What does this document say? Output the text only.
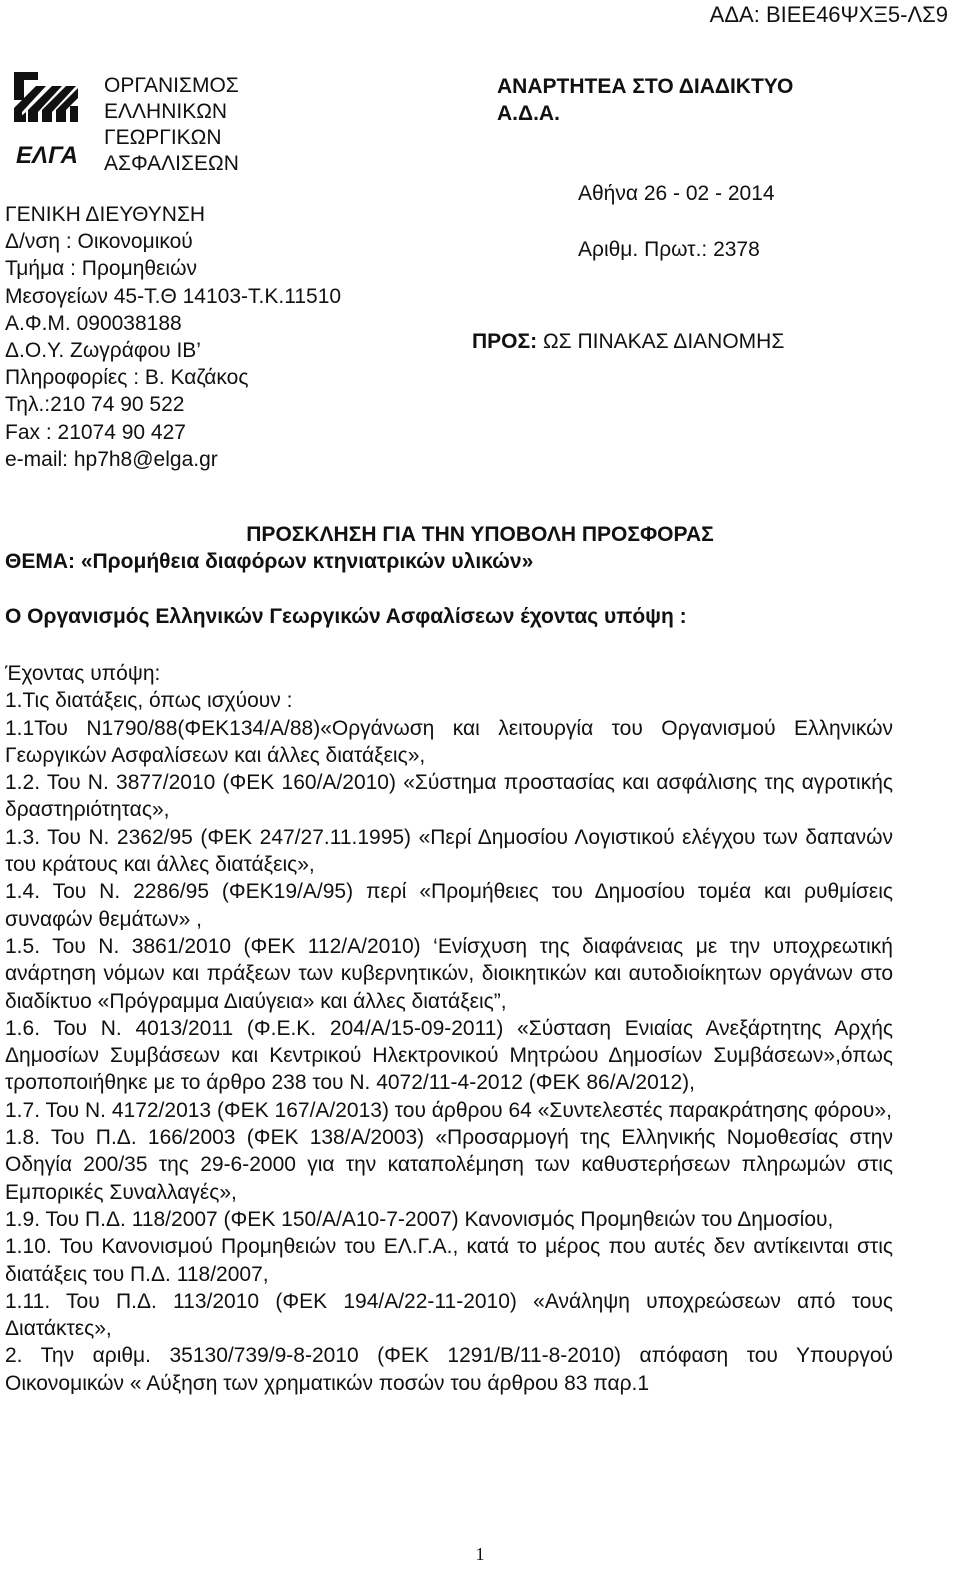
ΑΔΑ: ΒΙΕΕ46ΨΧΞ5-ΛΣ9
ΕΛΓΑ
ΟΡΓΑΝΙΣΜΟΣ
ΕΛΛΗΝΙΚΩΝ
ΓΕΩΡΓΙΚΩΝ
ΑΣΦΑΛΙΣΕΩΝ
ΓΕΝΙΚΗ ΔΙΕΥΘΥΝΣΗ
Δ/νση : Οικονομικού
Τμήμα : Προμηθειών
Μεσογείων 45-Τ.Θ 14103-Τ.Κ.11510
Α.Φ.Μ. 090038188
Δ.Ο.Υ. Ζωγράφου ΙΒ’
Πληροφορίες : Β. Καζάκος
Τηλ.:210 74 90 522
Fax : 21074 90 427
e-mail: hp7h8@elga.gr
ΑΝΑΡΤΗΤΕΑ ΣΤΟ ΔΙΑΔΙΚΤΥΟ
Α.Δ.Α.
Αθήνα 26 - 02 - 2014
Αριθμ. Πρωτ.: 2378
ΠΡΟΣ: ΩΣ ΠΙΝΑΚΑΣ ΔΙΑΝΟΜΗΣ
ΠΡΟΣΚΛΗΣΗ ΓΙΑ ΤΗΝ ΥΠΟΒΟΛΗ ΠΡΟΣΦΟΡΑΣ
ΘΕΜΑ: «Προμήθεια διαφόρων κτηνιατρικών υλικών»
Ο Οργανισμός Ελληνικών Γεωργικών Ασφαλίσεων έχοντας υπόψη :
Έχοντας υπόψη:
1.Τις διατάξεις, όπως ισχύουν :
1.1Του Ν1790/88(ΦΕΚ134/Α/88)«Οργάνωση και λειτουργία του Οργανισμού Ελληνικών Γεωργικών Ασφαλίσεων και άλλες διατάξεις»,
1.2. Του Ν. 3877/2010 (ΦΕΚ 160/Α/2010) «Σύστημα προστασίας και ασφάλισης της αγροτικής δραστηριότητας»,
1.3. Του Ν. 2362/95 (ΦΕΚ 247/27.11.1995) «Περί Δημοσίου Λογιστικού ελέγχου των δαπανών του κράτους και άλλες διατάξεις»,
1.4. Του Ν. 2286/95 (ΦΕΚ19/Α/95) περί «Προμήθειες του Δημοσίου τομέα και ρυθμίσεις συναφών θεμάτων» ,
1.5. Του Ν. 3861/2010 (ΦΕΚ 112/Α/2010) ‘Ενίσχυση της διαφάνειας με την υποχρεωτική ανάρτηση νόμων και πράξεων των κυβερνητικών, διοικητικών και αυτοδιοίκητων οργάνων στο διαδίκτυο «Πρόγραμμα Διαύγεια» και άλλες διατάξεις”,
1.6. Του Ν. 4013/2011 (Φ.Ε.Κ. 204/Α/15-09-2011) «Σύσταση Ενιαίας Ανεξάρτητης Αρχής Δημοσίων Συμβάσεων και Κεντρικού Ηλεκτρονικού Μητρώου Δημοσίων Συμβάσεων»,όπως τροποποιήθηκε με το άρθρο 238 του Ν. 4072/11-4-2012 (ΦΕΚ 86/Α/2012),
1.7. Του Ν. 4172/2013 (ΦΕΚ 167/Α/2013) του άρθρου 64 «Συντελεστές παρακράτησης φόρου»,
1.8. Του Π.Δ. 166/2003 (ΦΕΚ 138/Α/2003) «Προσαρμογή της Ελληνικής Νομοθεσίας στην Οδηγία 200/35 της 29-6-2000 για την καταπολέμηση των καθυστερήσεων πληρωμών στις Εμπορικές Συναλλαγές»,
1.9. Του Π.Δ. 118/2007 (ΦΕΚ 150/Α/Α10-7-2007) Κανονισμός Προμηθειών του Δημοσίου,
1.10. Του Κανονισμού Προμηθειών του ΕΛ.Γ.Α., κατά το μέρος που αυτές δεν αντίκεινται στις διατάξεις του Π.Δ. 118/2007,
1.11. Του Π.Δ. 113/2010 (ΦΕΚ 194/Α/22-11-2010) «Ανάληψη υποχρεώσεων από τους Διατάκτες»,
2. Την αριθμ. 35130/739/9-8-2010 (ΦΕΚ 1291/Β/11-8-2010) απόφαση του Υπουργού Οικονομικών « Αύξηση των χρηματικών ποσών του άρθρου 83 παρ.1
1
